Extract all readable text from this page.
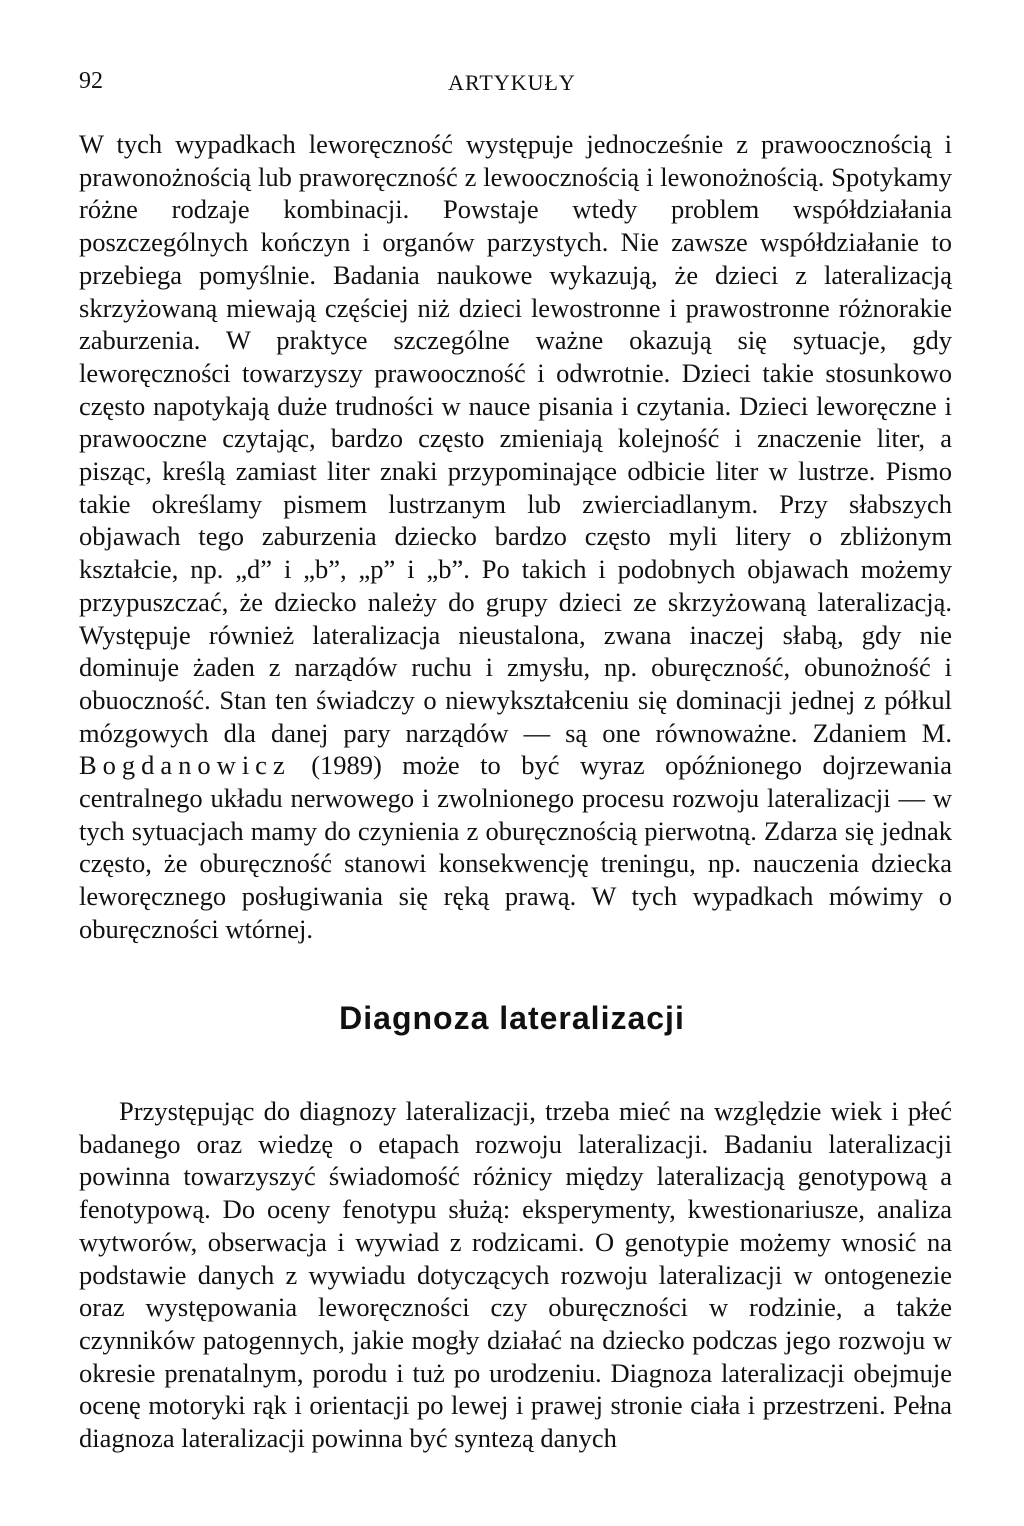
92	ARTYKUŁY

W tych wypadkach leworęczność występuje jednocześnie z prawoocznością i prawonożnością lub praworęczność z lewoocznością i lewonożnością. Spotykamy różne rodzaje kombinacji. Powstaje wtedy problem współdziałania poszczególnych kończyn i organów parzystych. Nie zawsze współdziałanie to przebiega pomyślnie. Badania naukowe wykazują, że dzieci z lateralizacją skrzyżowaną miewają częściej niż dzieci lewostronne i prawostronne różnorakie zaburzenia. W praktyce szczególne ważne okazują się sytuacje, gdy leworęczności towarzyszy prawooczność i odwrotnie. Dzieci takie stosunkowo często napotykają duże trudności w nauce pisania i czytania. Dzieci leworęczne i prawooczne czytając, bardzo często zmieniają kolejność i znaczenie liter, a pisząc, kreślą zamiast liter znaki przypominające odbicie liter w lustrze. Pismo takie określamy pismem lustrzanym lub zwierciadlanym. Przy słabszych objawach tego zaburzenia dziecko bardzo często myli litery o zbliżonym kształcie, np. „d” i „b”, „p” i „b”. Po takich i podobnych objawach możemy przypuszczać, że dziecko należy do grupy dzieci ze skrzyżowaną lateralizacją. Występuje również lateralizacja nieustalona, zwana inaczej słabą, gdy nie dominuje żaden z narządów ruchu i zmysłu, np. oburęczność, obunożność i obuoczność. Stan ten świadczy o niewykształceniu się dominacji jednej z półkul mózgowych dla danej pary narządów — są one równoważne. Zdaniem M. Bogdanowicz (1989) może to być wyraz opóźnionego dojrzewania centralnego układu nerwowego i zwolnionego procesu rozwoju lateralizacji — w tych sytuacjach mamy do czynienia z oburęcznością pierwotną. Zdarza się jednak często, że oburęczność stanowi konsekwencję treningu, np. nauczenia dziecka leworęcznego posługiwania się ręką prawą. W tych wypadkach mówimy o oburęczności wtórnej.

Diagnoza lateralizacji

Przystępując do diagnozy lateralizacji, trzeba mieć na względzie wiek i płeć badanego oraz wiedzę o etapach rozwoju lateralizacji. Badaniu lateralizacji powinna towarzyszyć świadomość różnicy między lateralizacją genotypową a fenotypową. Do oceny fenotypu służą: eksperymenty, kwestionariusze, analiza wytworów, obserwacja i wywiad z rodzicami. O genotypie możemy wnosić na podstawie danych z wywiadu dotyczących rozwoju lateralizacji w ontogenezie oraz występowania leworęczności czy oburęczności w rodzinie, a także czynników patogennych, jakie mogły działać na dziecko podczas jego rozwoju w okresie prenatalnym, porodu i tuż po urodzeniu. Diagnoza lateralizacji obejmuje ocenę motoryki rąk i orientacji po lewej i prawej stronie ciała i przestrzeni. Pełna diagnoza lateralizacji powinna być syntezą danych
